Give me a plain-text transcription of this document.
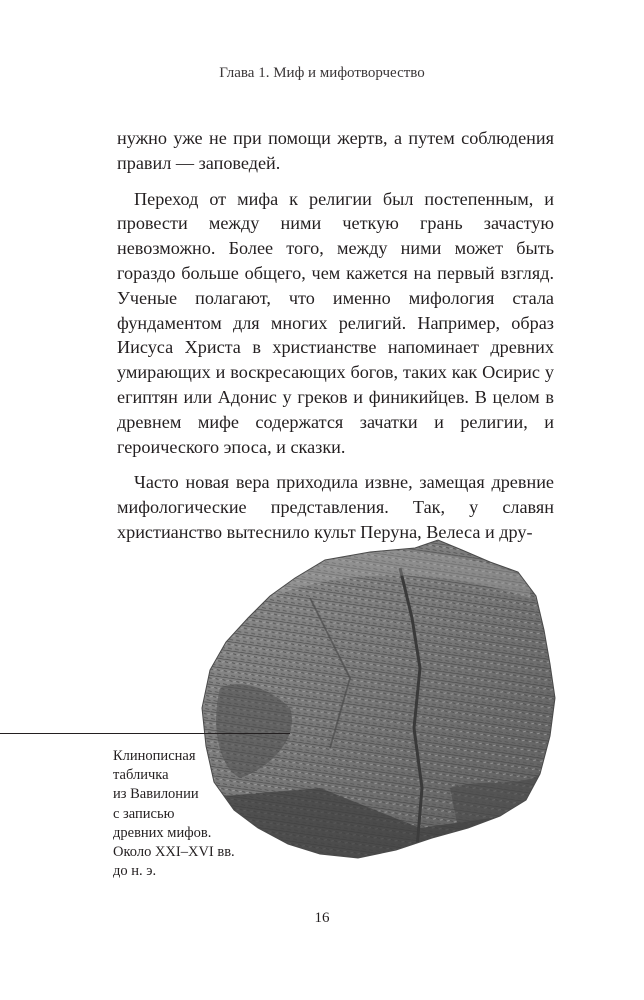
Глава 1. Миф и мифотворчество

нужно уже не при помощи жертв, а путем соблюдения правил — заповедей.

Переход от мифа к религии был постепенным, и провести между ними четкую грань зачастую невозможно. Более того, между ними может быть гораздо больше общего, чем кажется на первый взгляд. Ученые полагают, что именно мифология стала фундаментом для многих религий. Например, образ Иисуса Христа в христианстве напоминает древних умирающих и воскресающих богов, таких как Осирис у египтян или Адонис у греков и финикийцев. В целом в древнем мифе содержатся зачатки и религии, и героического эпоса, и сказки.

Часто новая вера приходила извне, замещая древние мифологические представления. Так, у славян христианство вытеснило культ Перуна, Велеса и дру-

Клинописная
табличка
из Вавилонии
с записью
древних мифов.
Около XXI–XVI вв.
до н. э.
16
